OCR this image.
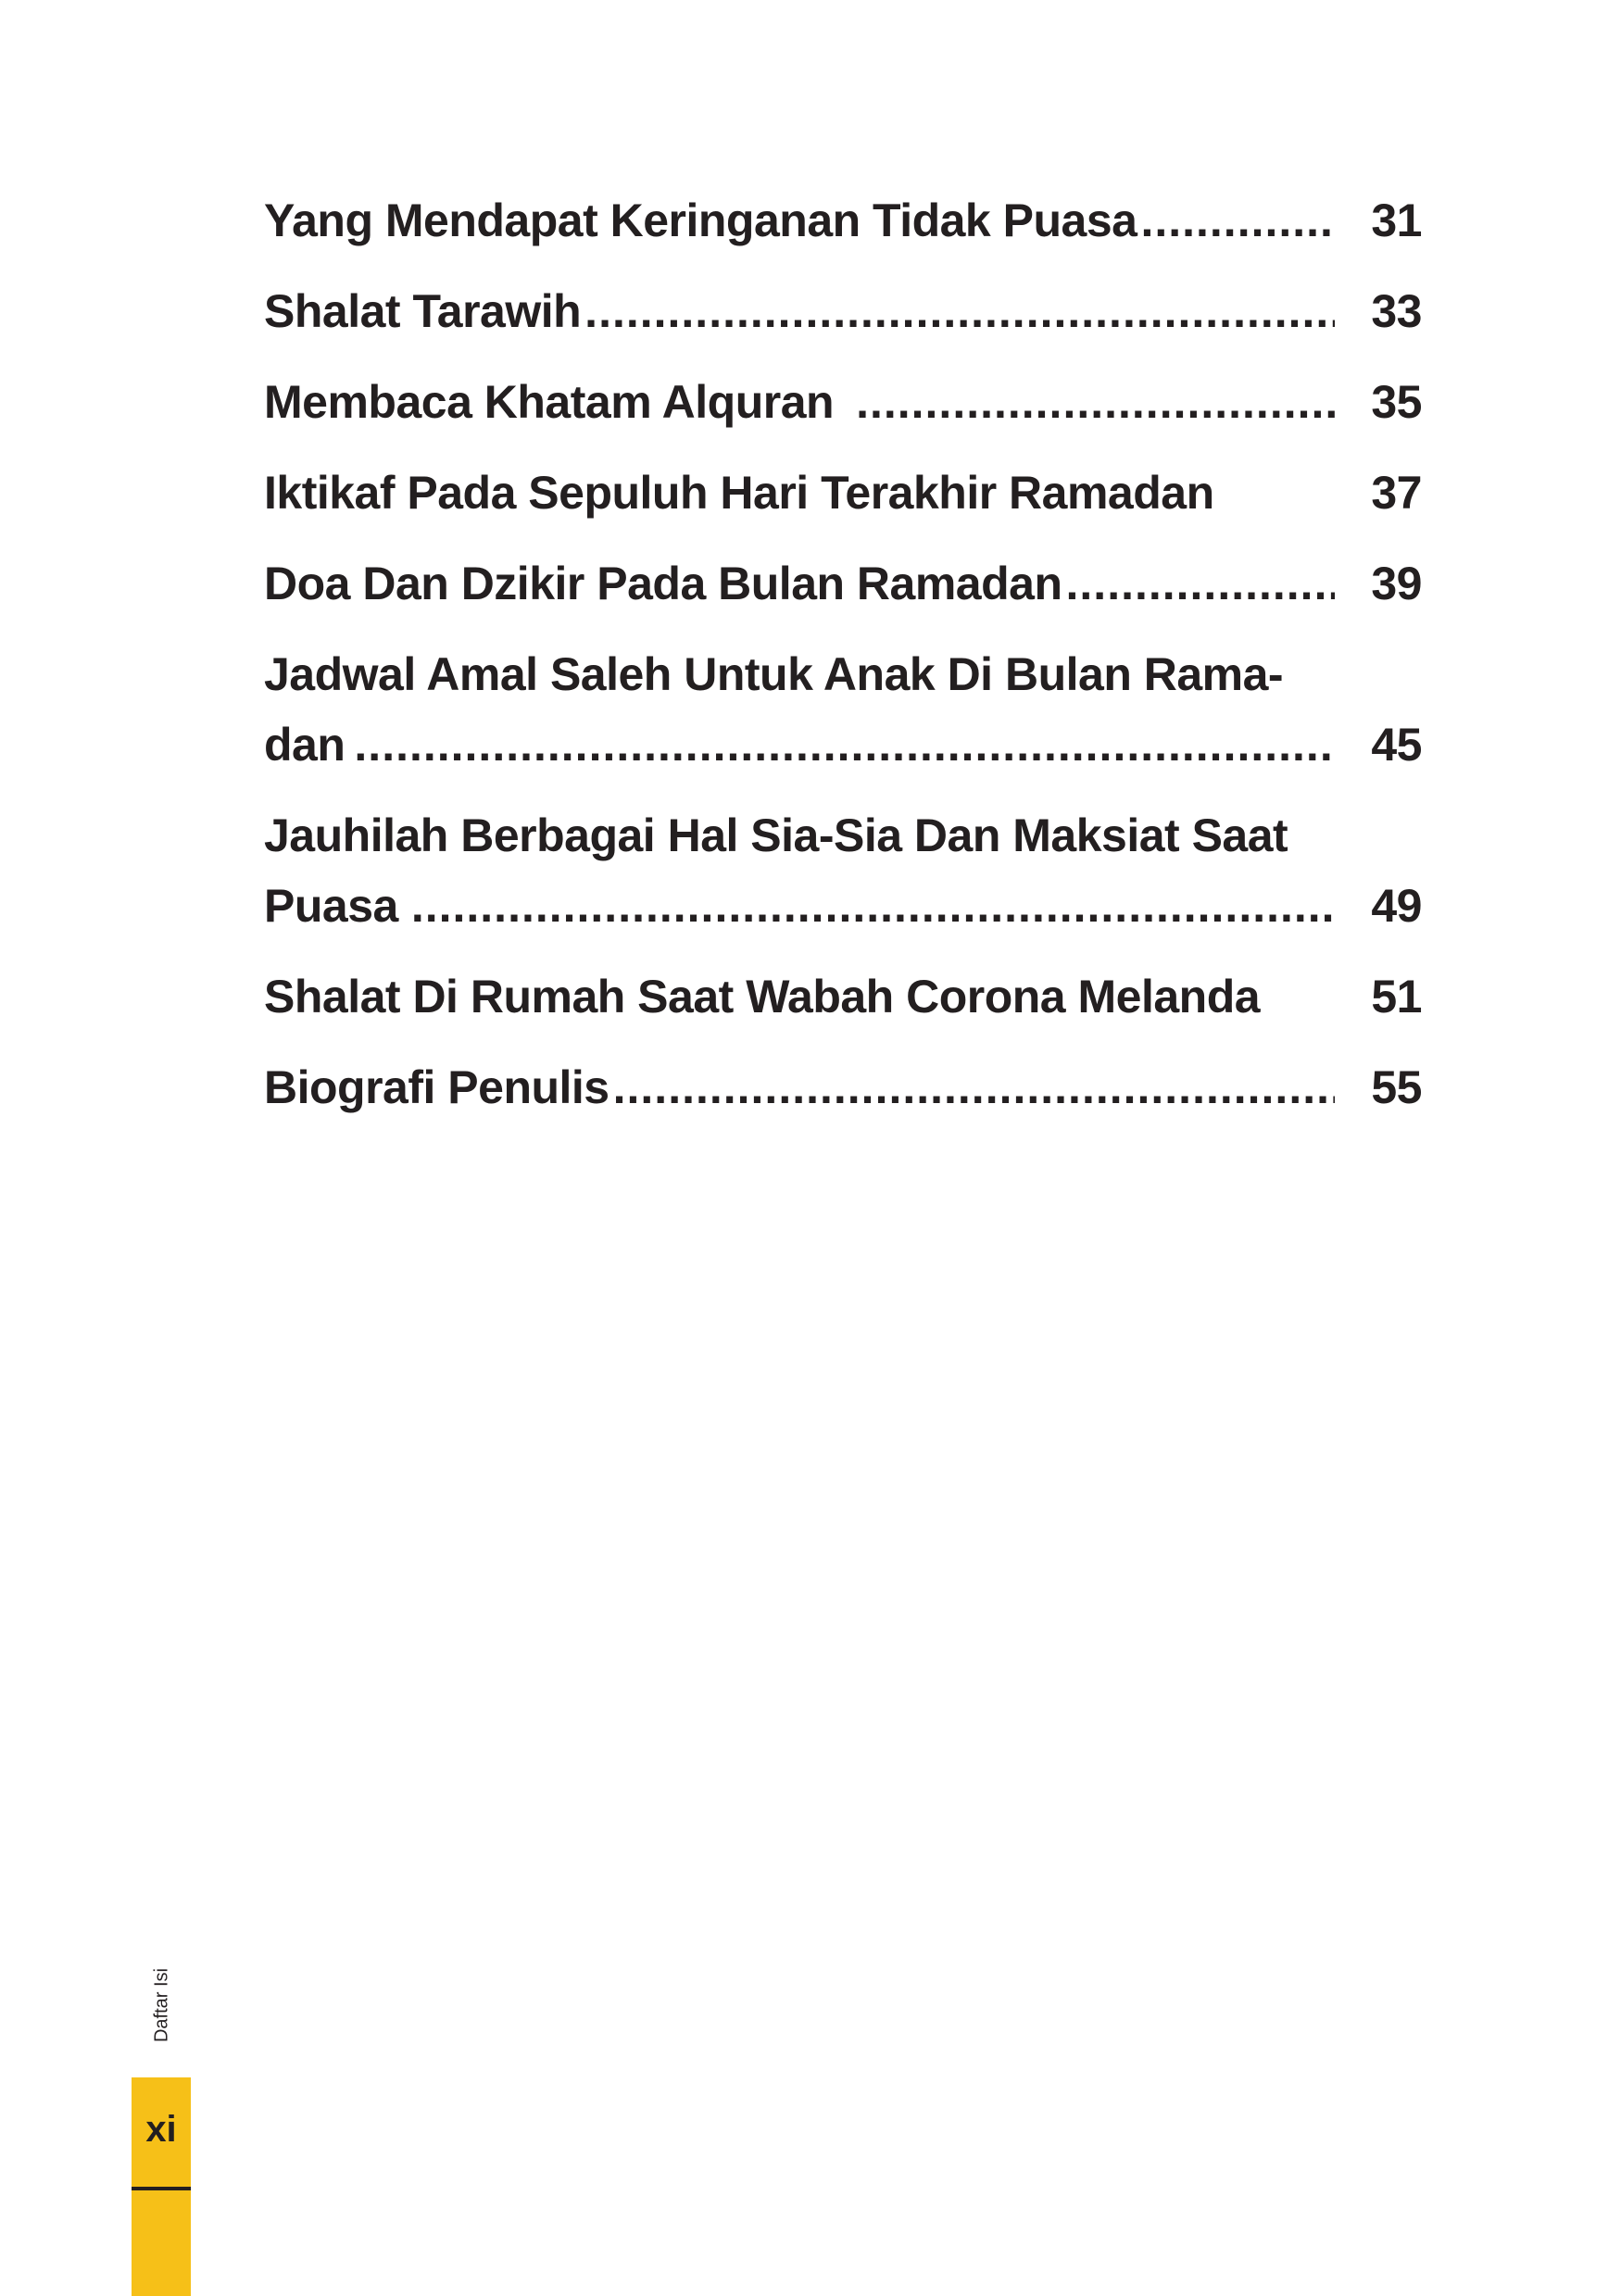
Yang Mendapat Keringanan Tidak Puasa .....	31
Shalat Tarawih .....	33
Membaca Khatam Alquran .....	35
Iktikaf Pada Sepuluh Hari Terakhir Ramadan	37
Doa Dan Dzikir Pada Bulan Ramadan .....	39
Jadwal Amal Saleh Untuk Anak Di Bulan Rama-
dan .....	45
Jauhilah Berbagai Hal Sia-Sia Dan Maksiat Saat
Puasa .....	49
Shalat Di Rumah Saat Wabah Corona Melanda 51
Biografi Penulis .....	55
Daftar Isi
xi
